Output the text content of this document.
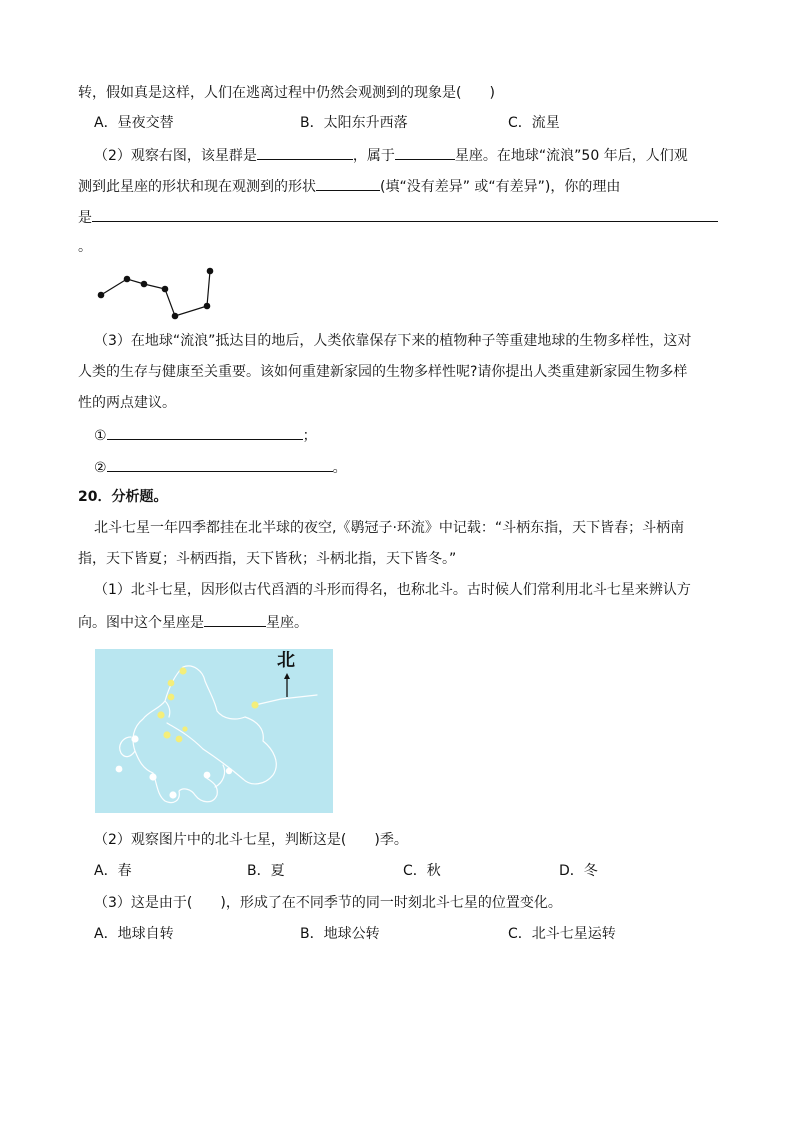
转，假如真是这样，人们在逃离过程中仍然会观测到的现象是(　　)
A．昼夜交替	B．太阳东升西落	C．流星
（2）观察右图，该星群是	，属于	星座。在地球“流浪”50 年后，人们观
测到此星座的形状和现在观测到的形状	(填“没有差异” 或“有差异”)，你的理由
是
。
（3）在地球“流浪”抵达目的地后，人类依靠保存下来的植物种子等重建地球的生物多样性，这对
人类的生存与健康至关重要。该如何重建新家园的生物多样性呢?请你提出人类重建新家园生物多样
性的两点建议。
①	；
②	。
20．分析题。
北斗七星一年四季都挂在北半球的夜空,《鹖冠子·环流》中记载：“斗柄东指，天下皆春；斗柄南
指，天下皆夏；斗柄西指，天下皆秋；斗柄北指，天下皆冬。”
（1）北斗七星，因形似古代舀酒的斗形而得名，也称北斗。古时候人们常利用北斗七星来辨认方
向。图中这个星座是	星座。
北
（2）观察图片中的北斗七星，判断这是(　　)季。
A．春	B．夏	C．秋	D．冬
（3）这是由于(　　)，形成了在不同季节的同一时刻北斗七星的位置变化。
A．地球自转	B．地球公转	C．北斗七星运转
